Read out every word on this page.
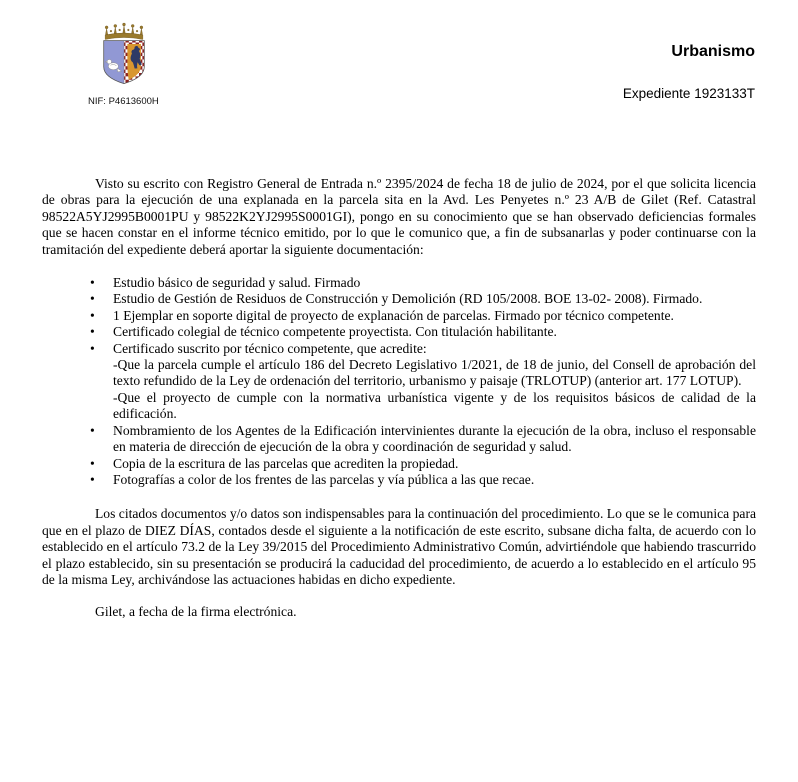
NIF: P4613600H
Urbanismo
Expediente 1923133T

Visto su escrito con Registro General de Entrada n.º 2395/2024 de fecha 18 de julio de 2024, por el que solicita licencia de obras para la ejecución de una explanada en la parcela sita en la Avd. Les Penyetes n.º 23 A/B de Gilet (Ref. Catastral 98522A5YJ2995B0001PU y 98522K2YJ2995S0001GI), pongo en su conocimiento que se han observado deficiencias formales que se hacen constar en el informe técnico emitido, por lo que le comunico que, a fin de subsanarlas y poder continuarse con la tramitación del expediente deberá aportar la siguiente documentación:

• Estudio básico de seguridad y salud. Firmado
• Estudio de Gestión de Residuos de Construcción y Demolición (RD 105/2008. BOE 13-02- 2008). Firmado.
• 1 Ejemplar en soporte digital de proyecto de explanación de parcelas. Firmado por técnico competente.
• Certificado colegial de técnico competente proyectista. Con titulación habilitante.
• Certificado suscrito por técnico competente, que acredite:
-Que la parcela cumple el artículo 186 del Decreto Legislativo 1/2021, de 18 de junio, del Consell de aprobación del texto refundido de la Ley de ordenación del territorio, urbanismo y paisaje (TRLOTUP) (anterior art. 177 LOTUP).
-Que el proyecto de cumple con la normativa urbanística vigente y de los requisitos básicos de calidad de la edificación.
• Nombramiento de los Agentes de la Edificación intervinientes durante la ejecución de la obra, incluso el responsable en materia de dirección de ejecución de la obra y coordinación de seguridad y salud.
• Copia de la escritura de las parcelas que acrediten la propiedad.
• Fotografías a color de los frentes de las parcelas y vía pública a las que recae.

Los citados documentos y/o datos son indispensables para la continuación del procedimiento. Lo que se le comunica para que en el plazo de DIEZ DÍAS, contados desde el siguiente a la notificación de este escrito, subsane dicha falta, de acuerdo con lo establecido en el artículo 73.2 de la Ley 39/2015 del Procedimiento Administrativo Común, advirtiéndole que habiendo trascurrido el plazo establecido, sin su presentación se producirá la caducidad del procedimiento, de acuerdo a lo establecido en el artículo 95 de la misma Ley, archivándose las actuaciones habidas en dicho expediente.

Gilet, a fecha de la firma electrónica.
